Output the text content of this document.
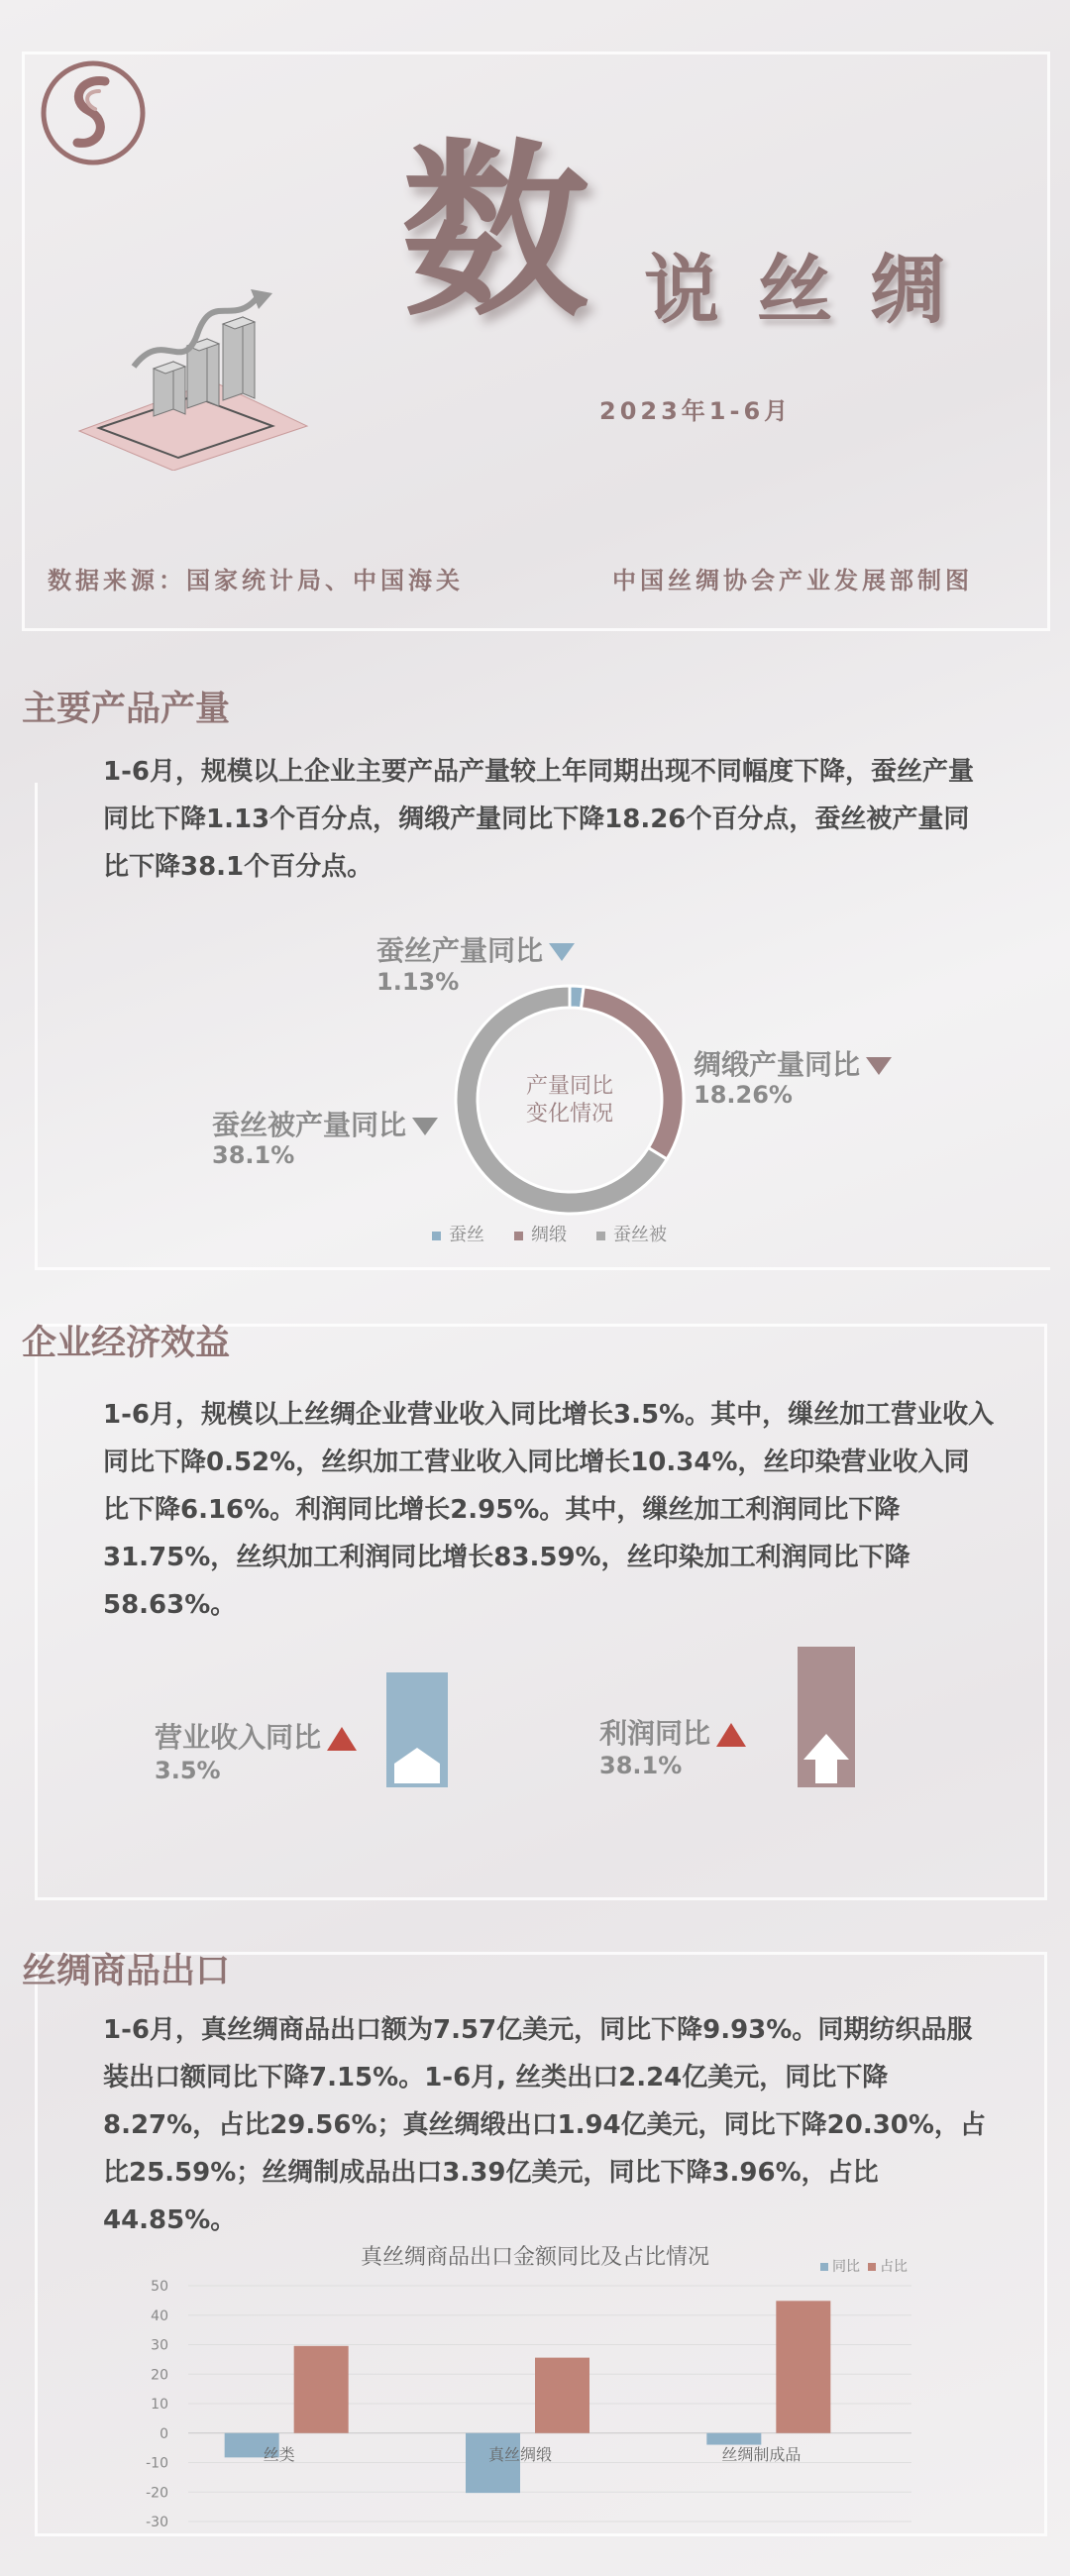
数 说丝绸
2023年1-6月
数据来源：国家统计局、中国海关	中国丝绸协会产业发展部制图
主要产品产量
1-6月，规模以上企业主要产品产量较上年同期出现不同幅度下降，蚕丝产量同比下降1.13个百分点，绸缎产量同比下降18.26个百分点，蚕丝被产量同比下降38.1个百分点。
产量同比
变化情况
蚕丝产量同比
1.13%
绸缎产量同比
18.26%
蚕丝被产量同比
38.1%
蚕丝	绸缎	蚕丝被
企业经济效益
1-6月，规模以上丝绸企业营业收入同比增长3.5%。其中，缫丝加工营业收入同比下降0.52%，丝织加工营业收入同比增长10.34%，丝印染营业收入同比下降6.16%。利润同比增长2.95%。其中，缫丝加工利润同比下降31.75%，丝织加工利润同比增长83.59%，丝印染加工利润同比下降58.63%。
营业收入同比
3.5%
利润同比
38.1%
丝绸商品出口
1-6月，真丝绸商品出口额为7.57亿美元，同比下降9.93%。同期纺织品服装出口额同比下降7.15%。1-6月, 丝类出口2.24亿美元，同比下降8.27%，占比29.56%；真丝绸缎出口1.94亿美元，同比下降20.30%，占比25.59%；丝绸制成品出口3.39亿美元，同比下降3.96%，占比44.85%。
真丝绸商品出口金额同比及占比情况	同比 占比
50
40
30
20
10
0
-10
-20
-30
丝类	真丝绸缎	丝绸制成品
